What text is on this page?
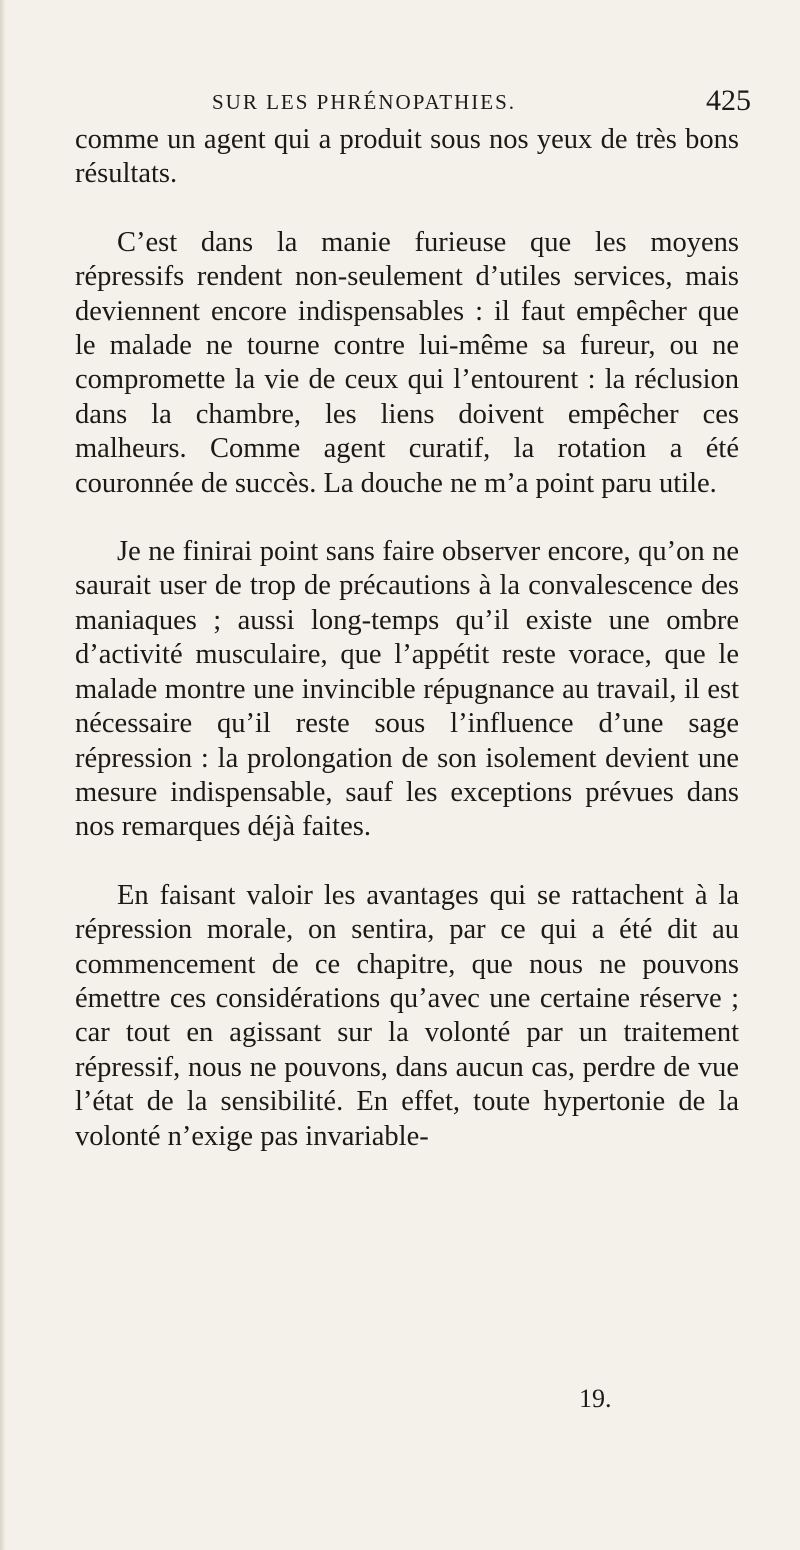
SUR LES PHRÉNOPATHIES.	425

comme un agent qui a produit sous nos yeux de très bons résultats.

C’est dans la manie furieuse que les moyens répressifs rendent non-seulement d’utiles services, mais deviennent encore indispensables : il faut empêcher que le malade ne tourne contre lui-même sa fureur, ou ne compromette la vie de ceux qui l’entourent : la réclusion dans la chambre, les liens doivent empêcher ces malheurs. Comme agent curatif, la rotation a été couronnée de succès. La douche ne m’a point paru utile.

Je ne finirai point sans faire observer encore, qu’on ne saurait user de trop de précautions à la convalescence des maniaques ; aussi long-temps qu’il existe une ombre d’activité musculaire, que l’appétit reste vorace, que le malade montre une invincible répugnance au travail, il est nécessaire qu’il reste sous l’influence d’une sage répression : la prolongation de son isolement devient une mesure indispensable, sauf les exceptions prévues dans nos remarques déjà faites.

En faisant valoir les avantages qui se rattachent à la répression morale, on sentira, par ce qui a été dit au commencement de ce chapitre, que nous ne pouvons émettre ces considérations qu’avec une certaine réserve ; car tout en agissant sur la volonté par un traitement répressif, nous ne pouvons, dans aucun cas, perdre de vue l’état de la sensibilité. En effet, toute hypertonie de la volonté n’exige pas invariable-

19.
